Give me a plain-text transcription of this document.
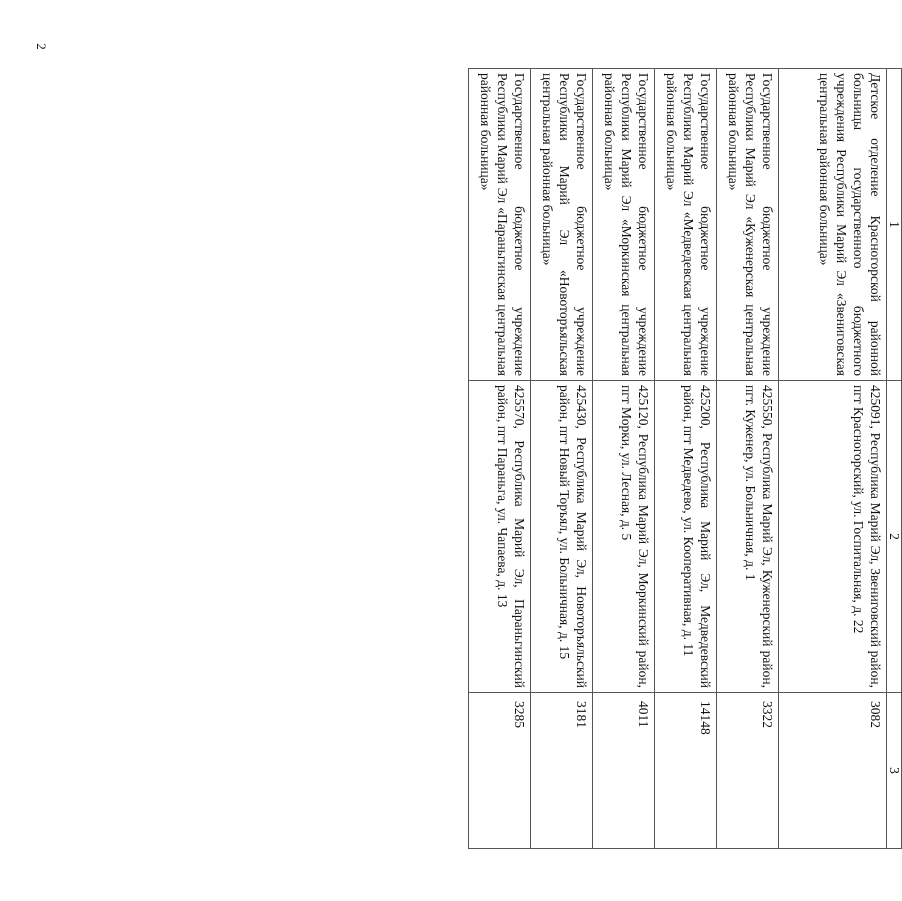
2
1	2	3
Детское отделение Красногорской районной больницы государственного бюджетного учреждения Республики Марий Эл «Звениговская центральная районная больница»	425091, Республика Марий Эл, Звениговский район, пгт Красногорский, ул. Госпитальная, д. 22	3082
Государственное бюджетное учреждение Республики Марий Эл «Куженерская центральная районная больница»	425550, Республика Марий Эл, Куженерский район, пгт. Куженер, ул. Больничная, д. 1	3322
Государственное бюджетное учреждение Республики Марий Эл «Медведевская центральная районная больница»	425200, Республика Марий Эл, Медведевский район, пгт Медведево, ул. Кооперативная, д. 11	14148
Государственное бюджетное учреждение Республики Марий Эл «Моркинская центральная районная больница»	425120, Республика Марий Эл, Моркинский район, пгт Морки, ул. Лесная, д. 5	4011
Государственное бюджетное учреждение Республики Марий Эл «Новоторъяльская центральная районная больница»	425430, Республика Марий Эл, Новоторъяльский район, пгт Новый Торъял, ул. Больничная, д. 15	3181
Государственное бюджетное учреждение Республики Марий Эл «Параньгинская центральная районная больница»	425570, Республика Марий Эл, Параньгинский район, пгт Параньга, ул. Чапаева, д. 13	3285
